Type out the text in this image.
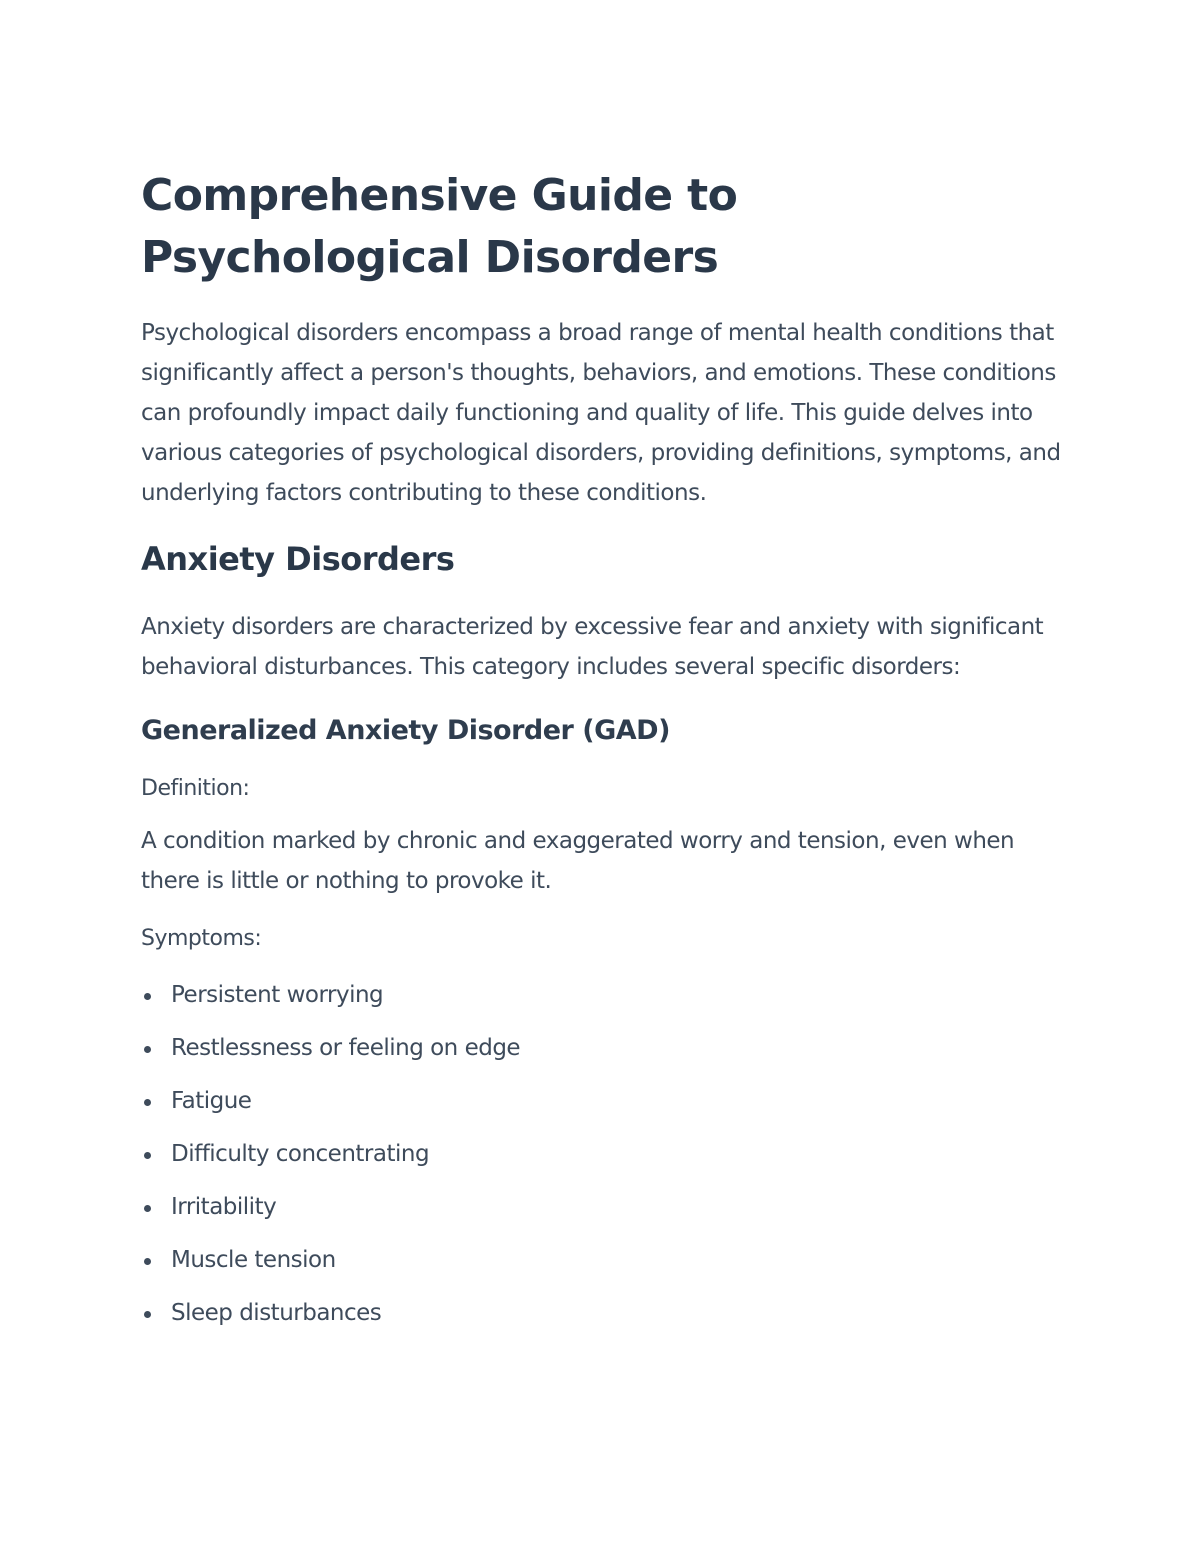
Comprehensive Guide to Psychological Disorders

Psychological disorders encompass a broad range of mental health conditions that significantly affect a person's thoughts, behaviors, and emotions. These conditions can profoundly impact daily functioning and quality of life. This guide delves into various categories of psychological disorders, providing definitions, symptoms, and underlying factors contributing to these conditions.

Anxiety Disorders

Anxiety disorders are characterized by excessive fear and anxiety with significant behavioral disturbances. This category includes several specific disorders:

Generalized Anxiety Disorder (GAD)

Definition:

A condition marked by chronic and exaggerated worry and tension, even when there is little or nothing to provoke it.

Symptoms:

Persistent worrying
Restlessness or feeling on edge
Fatigue
Difficulty concentrating
Irritability
Muscle tension
Sleep disturbances
